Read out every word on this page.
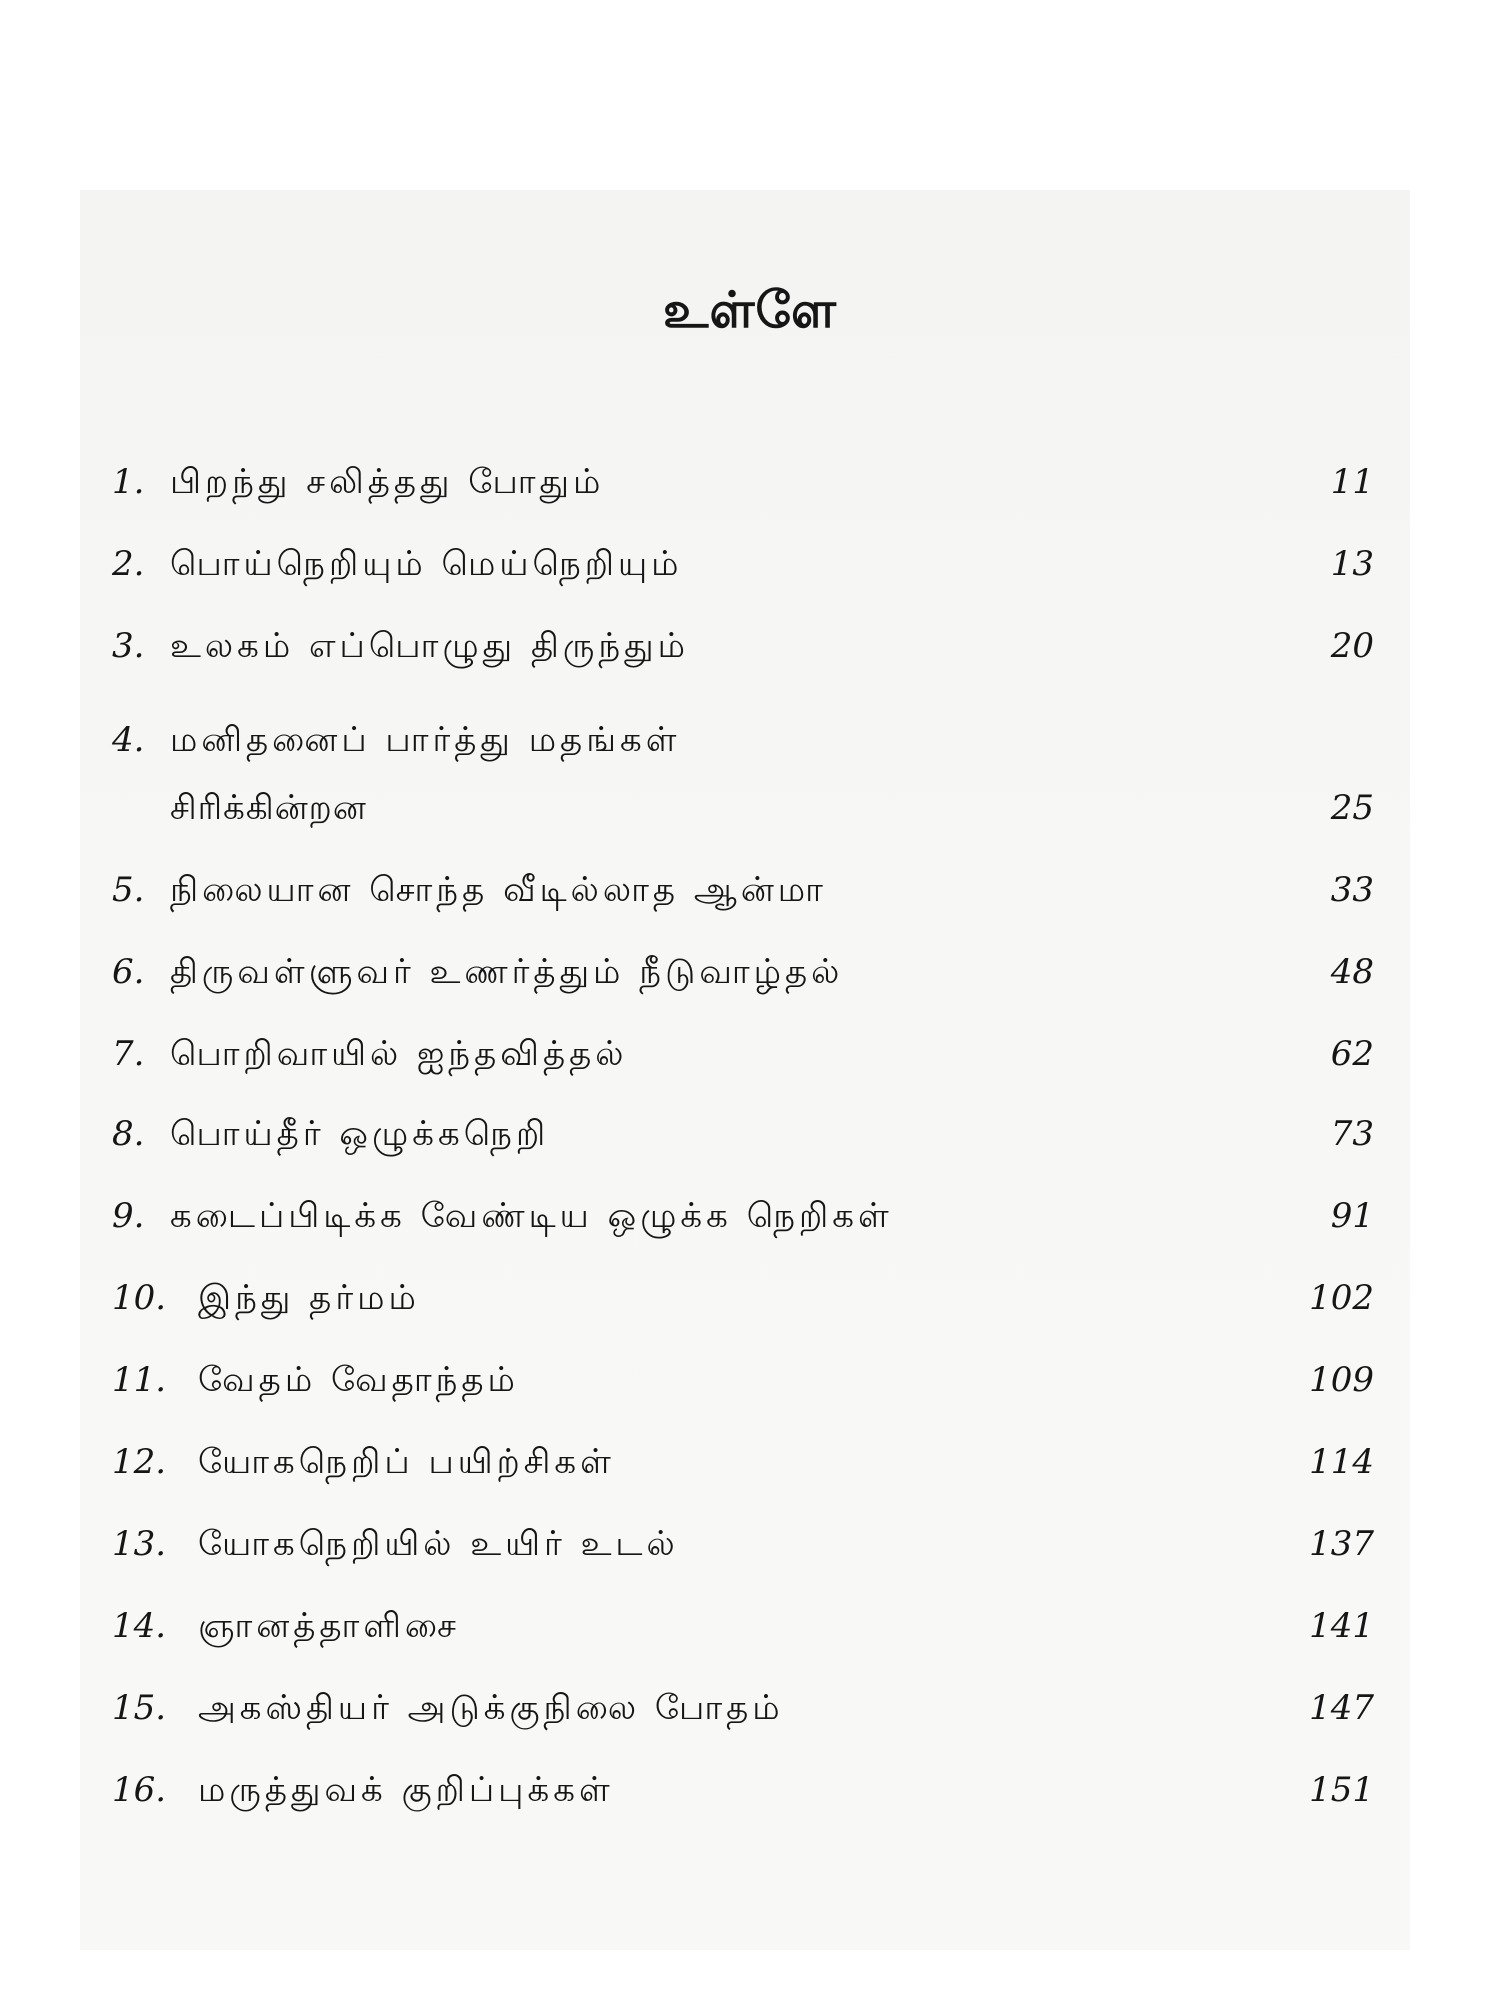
உள்ளே
1. பிறந்து சலித்தது போதும்	11
2. பொய்நெறியும் மெய்நெறியும்	13
3. உலகம் எப்பொழுது திருந்தும்	20
4. மனிதனைப் பார்த்து மதங்கள்
சிரிக்கின்றன	25
5. நிலையான சொந்த வீடில்லாத ஆன்மா	33
6. திருவள்ளுவர் உணர்த்தும் நீடுவாழ்தல்	48
7. பொறிவாயில் ஐந்தவித்தல்	62
8. பொய்தீர் ஒழுக்கநெறி	73
9. கடைப்பிடிக்க வேண்டிய ஒழுக்க நெறிகள்	91
10. இந்து தர்மம்	102
11. வேதம் வேதாந்தம்	109
12. யோகநெறிப் பயிற்சிகள்	114
13. யோகநெறியில் உயிர் உடல்	137
14. ஞானத்தாளிசை	141
15. அகஸ்தியர் அடுக்குநிலை போதம்	147
16. மருத்துவக் குறிப்புக்கள்	151
